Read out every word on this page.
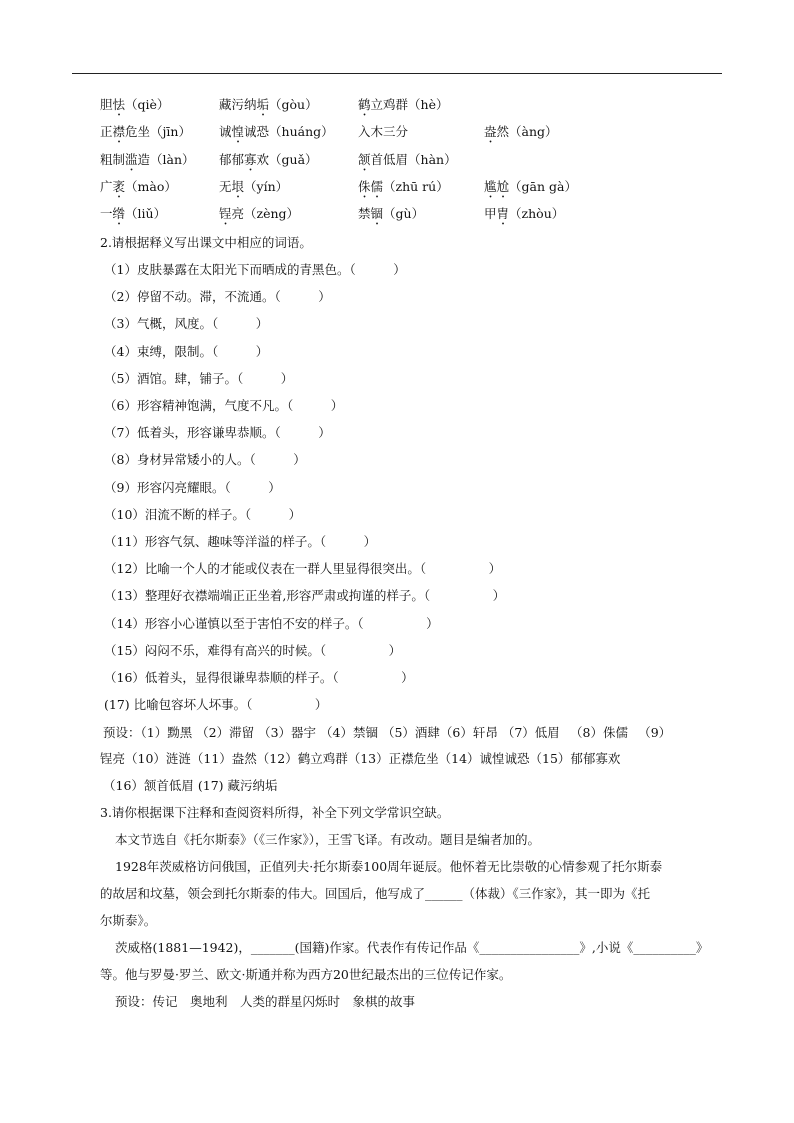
胆怯（qiè）	藏污纳垢（gòu）	鹤立鸡群（hè）
正襟危坐（jīn） 诚惶诚恐（huáng） 入木三分	盎然（àng）
粗制滥造（làn） 郁郁寡欢（guǎ）	颔首低眉（hàn）
广袤（mào）	无垠（yín）	侏儒（zhū rú）	尴尬（gān gà）
一绺（liǔ）	锃亮（zèng）	禁锢（gù）	甲胄（zhòu）
2.请根据释义写出课文中相应的词语。
（1）皮肤暴露在太阳光下而晒成的青黑色。（　　　）
（2）停留不动。滞，不流通。（　　　）
（3）气概，风度。（　　　）
（4）束缚，限制。（　　　）
（5）酒馆。肆，铺子。（　　　）
（6）形容精神饱满，气度不凡。（　　　）
（7）低着头，形容谦卑恭顺。（　　　）
（8）身材异常矮小的人。（　　　）
（9）形容闪亮耀眼。（　　　）
（10）泪流不断的样子。（　　　）
（11）形容气氛、趣味等洋溢的样子。（　　　）
（12）比喻一个人的才能或仪表在一群人里显得很突出。（　　　　　）
（13）整理好衣襟端端正正坐着,形容严肃或拘谨的样子。（　　　　　）
（14）形容小心谨慎以至于害怕不安的样子。（　　　　　）
（15）闷闷不乐，难得有高兴的时候。（　　　　　）
（16）低着头，显得很谦卑恭顺的样子。（　　　　　）
(17) 比喻包容坏人坏事。（　　　　　）
预设：（1）黝黑 （2）滞留 （3）器宇 （4）禁锢 （5）酒肆（6）轩昂 （7）低眉 　（8）侏儒 　（9）
锃亮（10）涟涟（11）盎然（12）鹤立鸡群（13）正襟危坐（14）诚惶诚恐（15）郁郁寡欢
（16）颔首低眉 (17) 藏污纳垢
3.请你根据课下注释和查阅资料所得，补全下列文学常识空缺。
本文节选自《托尔斯泰》（《三作家》），王雪飞译。有改动。题目是编者加的。
1928年茨威格访问俄国，正值列夫·托尔斯泰100周年诞辰。他怀着无比崇敬的心情参观了托尔斯泰
的故居和坟墓，领会到托尔斯泰的伟大。回国后，他写成了______（体裁）《三作家》，其一即为《托
尔斯泰》。
茨威格(1881—1942)，_______(国籍)作家。代表作有传记作品《________________》,小说《__________》
等。他与罗曼·罗兰、欧文·斯通并称为西方20世纪最杰出的三位传记作家。
预设：传记　奥地利　人类的群星闪烁时　象棋的故事
